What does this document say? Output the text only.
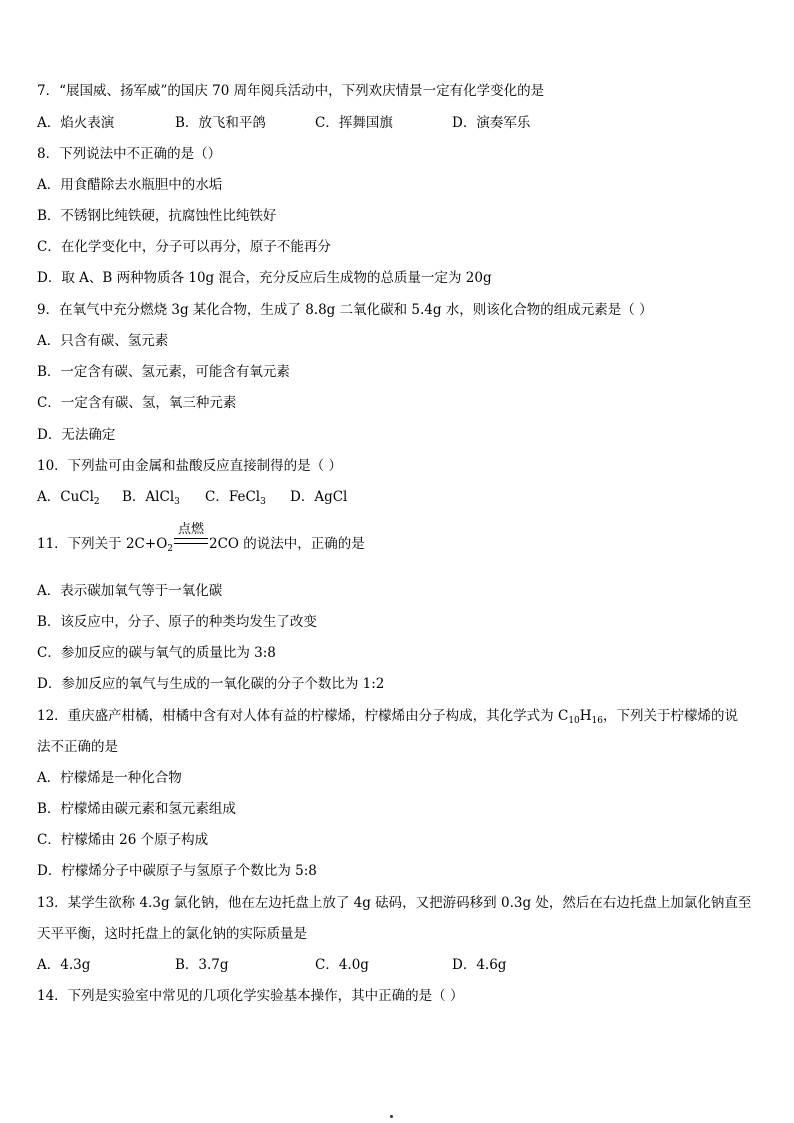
7．“展国威、扬军威”的国庆 70 周年阅兵活动中，下列欢庆情景一定有化学变化的是
A．焰火表演	B．放飞和平鸽	C．挥舞国旗	D．演奏军乐
8．下列说法中不正确的是（）
A．用食醋除去水瓶胆中的水垢
B．不锈钢比纯铁硬，抗腐蚀性比纯铁好
C．在化学变化中，分子可以再分，原子不能再分
D．取 A、B 两种物质各 10g 混合，充分反应后生成物的总质量一定为 20g
9．在氧气中充分燃烧 3g 某化合物，生成了 8.8g 二氧化碳和 5.4g 水，则该化合物的组成元素是（ ）
A．只含有碳、氢元素
B．一定含有碳、氢元素，可能含有氧元素
C．一定含有碳、氢，氧三种元素
D．无法确定
10．下列盐可由金属和盐酸反应直接制得的是（ ）
A．CuCl$_2$ B．AlCl$_3$ C．FeCl$_3$ D．AgCl
11．下列关于 $2C+O_2$
点燃
2CO 的说法中，正确的是
A．表示碳加氧气等于一氧化碳
B．该反应中，分子、原子的种类均发生了改变
C．参加反应的碳与氧气的质量比为 3:8
D．参加反应的氧气与生成的一氧化碳的分子个数比为 1:2
12．重庆盛产柑橘，柑橘中含有对人体有益的柠檬烯，柠檬烯由分子构成，其化学式为 $C_{10}H_{16}$，下列关于柠檬烯的说
法不正确的是
A．柠檬烯是一种化合物
B．柠檬烯由碳元素和氢元素组成
C．柠檬烯由 26 个原子构成
D．柠檬烯分子中碳原子与氢原子个数比为 5:8
13．某学生欲称 4.3g 氯化钠，他在左边托盘上放了 4g 砝码，又把游码移到 0.3g 处，然后在右边托盘上加氯化钠直至
天平平衡，这时托盘上的氯化钠的实际质量是
A．4.3g	B．3.7g	C．4.0g	D．4.6g
14．下列是实验室中常见的几项化学实验基本操作，其中正确的是（ ）
